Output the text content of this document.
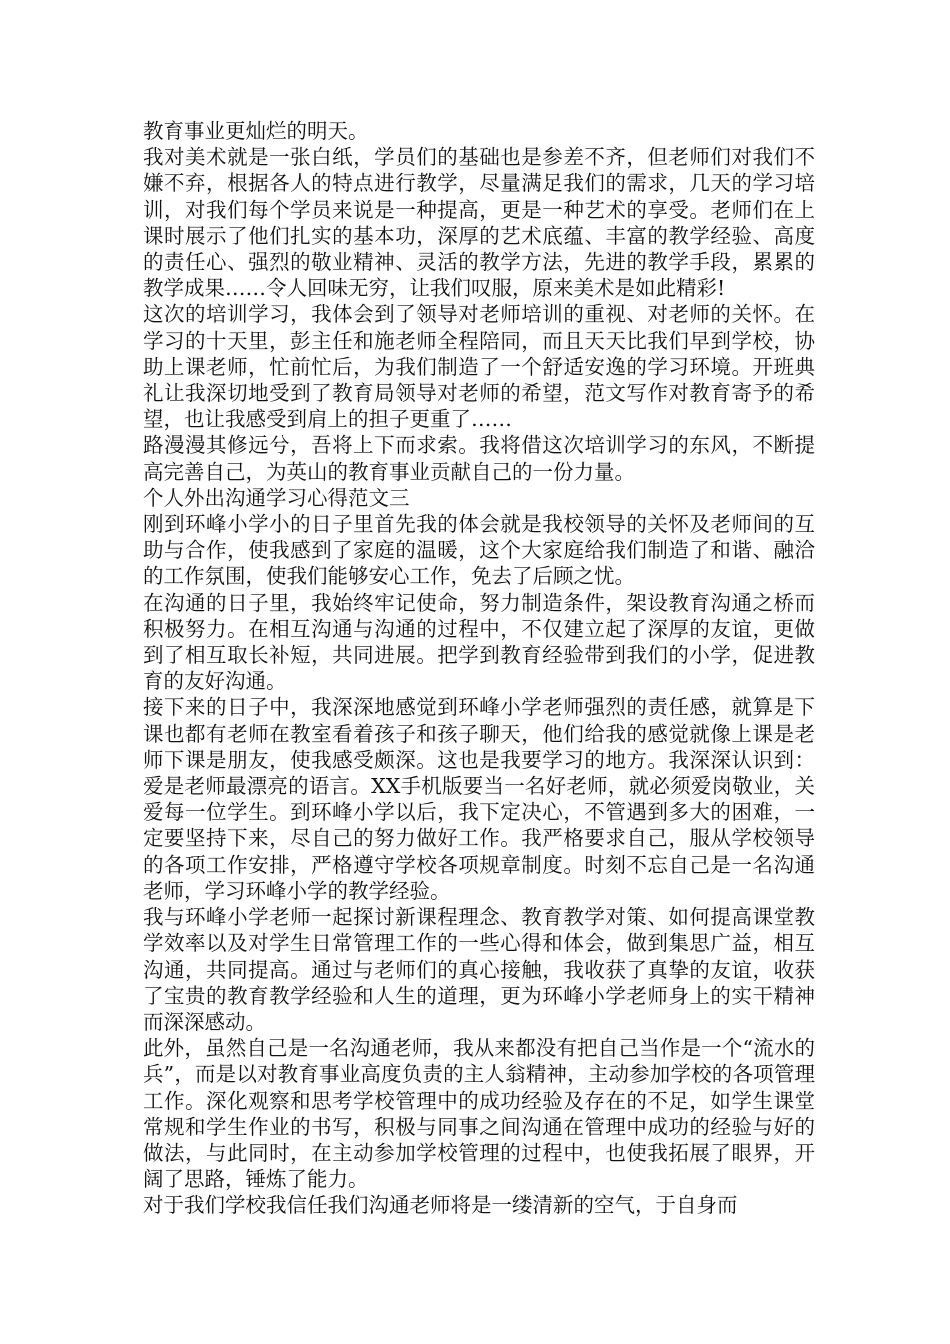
教育事业更灿烂的明天。

我对美术就是一张白纸，学员们的基础也是参差不齐，但老师们对我们不嫌不弃，根据各人的特点进行教学，尽量满足我们的需求，几天的学习培训，对我们每个学员来说是一种提高，更是一种艺术的享受。老师们在上课时展示了他们扎实的基本功，深厚的艺术底蕴、丰富的教学经验、高度的责任心、强烈的敬业精神、灵活的教学方法，先进的教学手段，累累的教学成果……令人回味无穷，让我们叹服，原来美术是如此精彩!

这次的培训学习，我体会到了领导对老师培训的重视、对老师的关怀。在学习的十天里，彭主任和施老师全程陪同，而且天天比我们早到学校，协助上课老师，忙前忙后，为我们制造了一个舒适安逸的学习环境。开班典礼让我深切地受到了教育局领导对老师的希望，范文写作对教育寄予的希望，也让我感受到肩上的担子更重了……

路漫漫其修远兮，吾将上下而求索。我将借这次培训学习的东风，不断提高完善自己，为英山的教育事业贡献自己的一份力量。

个人外出沟通学习心得范文三

刚到环峰小学小的日子里首先我的体会就是我校领导的关怀及老师间的互助与合作，使我感到了家庭的温暖，这个大家庭给我们制造了和谐、融洽的工作氛围，使我们能够安心工作，免去了后顾之忧。

在沟通的日子里，我始终牢记使命，努力制造条件，架设教育沟通之桥而积极努力。在相互沟通与沟通的过程中，不仅建立起了深厚的友谊，更做到了相互取长补短，共同进展。把学到教育经验带到我们的小学，促进教育的友好沟通。

接下来的日子中，我深深地感觉到环峰小学老师强烈的责任感，就算是下课也都有老师在教室看着孩子和孩子聊天，他们给我的感觉就像上课是老师下课是朋友，使我感受颇深。这也是我要学习的地方。我深深认识到：爱是老师最漂亮的语言。XX手机版要当一名好老师，就必须爱岗敬业，关爱每一位学生。到环峰小学以后，我下定决心，不管遇到多大的困难，一定要坚持下来，尽自己的努力做好工作。我严格要求自己，服从学校领导的各项工作安排，严格遵守学校各项规章制度。时刻不忘自己是一名沟通老师，学习环峰小学的教学经验。

我与环峰小学老师一起探讨新课程理念、教育教学对策、如何提高课堂教学效率以及对学生日常管理工作的一些心得和体会，做到集思广益，相互沟通，共同提高。通过与老师们的真心接触，我收获了真挚的友谊，收获了宝贵的教育教学经验和人生的道理，更为环峰小学老师身上的实干精神而深深感动。

此外，虽然自己是一名沟通老师，我从来都没有把自己当作是一个“流水的兵”，而是以对教育事业高度负责的主人翁精神，主动参加学校的各项管理工作。深化观察和思考学校管理中的成功经验及存在的不足，如学生课堂常规和学生作业的书写，积极与同事之间沟通在管理中成功的经验与好的做法，与此同时，在主动参加学校管理的过程中，也使我拓展了眼界，开阔了思路，锤炼了能力。

对于我们学校我信任我们沟通老师将是一缕清新的空气，于自身而
